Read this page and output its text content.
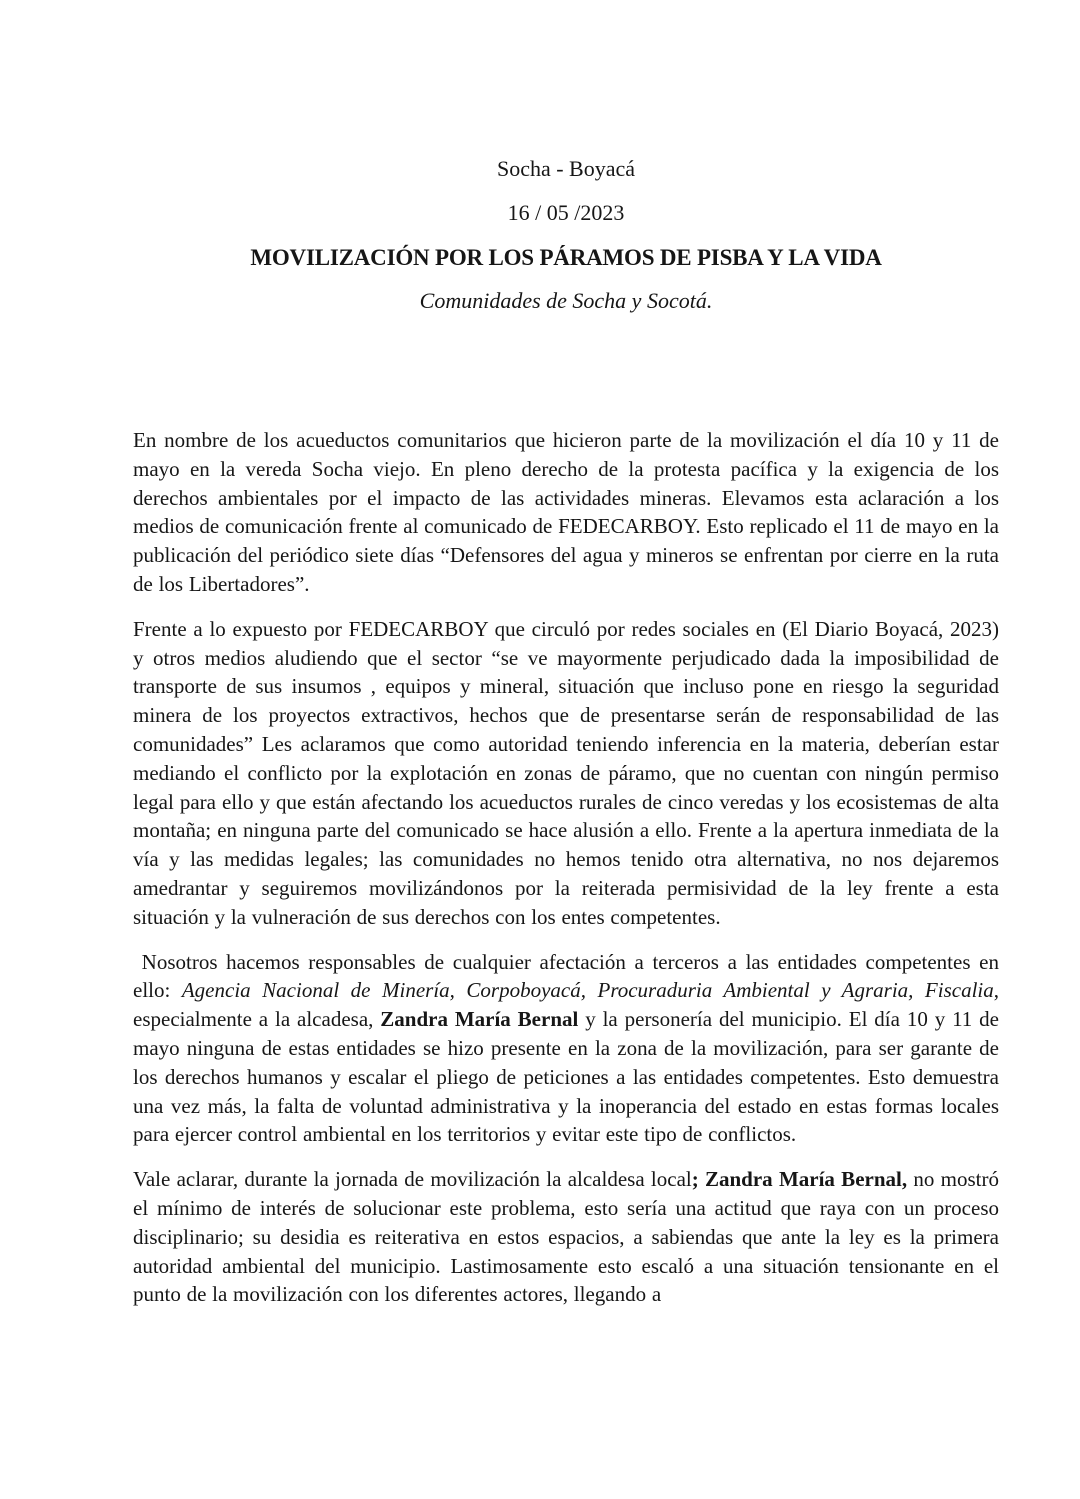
Socha - Boyacá
16 / 05 /2023
MOVILIZACIÓN POR LOS PÁRAMOS DE PISBA Y LA VIDA
Comunidades de Socha y Socotá.

En nombre de los acueductos comunitarios que hicieron parte de la movilización el día 10 y 11 de mayo en la vereda Socha viejo. En pleno derecho de la protesta pacífica y la exigencia de los derechos ambientales por el impacto de las actividades mineras. Elevamos esta aclaración a los medios de comunicación frente al comunicado de FEDECARBOY. Esto replicado el 11 de mayo en la publicación del periódico siete días “Defensores del agua y mineros se enfrentan por cierre en la ruta de los Libertadores”.

Frente a lo expuesto por FEDECARBOY que circuló por redes sociales en (El Diario Boyacá, 2023) y otros medios aludiendo que el sector “se ve mayormente perjudicado dada la imposibilidad de transporte de sus insumos , equipos y mineral, situación que incluso pone en riesgo la seguridad minera de los proyectos extractivos, hechos que de presentarse serán de responsabilidad de las comunidades” Les aclaramos que como autoridad teniendo inferencia en la materia, deberían estar mediando el conflicto por la explotación en zonas de páramo, que no cuentan con ningún permiso legal para ello y que están afectando los acueductos rurales de cinco veredas y los ecosistemas de alta montaña; en ninguna parte del comunicado se hace alusión a ello. Frente a la apertura inmediata de la vía y las medidas legales; las comunidades no hemos tenido otra alternativa, no nos dejaremos amedrantar y seguiremos movilizándonos por la reiterada permisividad de la ley frente a esta situación y la vulneración de sus derechos con los entes competentes.

Nosotros hacemos responsables de cualquier afectación a terceros a las entidades competentes en ello: Agencia Nacional de Minería, Corpoboyacá, Procuraduria Ambiental y Agraria, Fiscalia, especialmente a la alcadesa, Zandra María Bernal y la personería del municipio. El día 10 y 11 de mayo ninguna de estas entidades se hizo presente en la zona de la movilización, para ser garante de los derechos humanos y escalar el pliego de peticiones a las entidades competentes. Esto demuestra una vez más, la falta de voluntad administrativa y la inoperancia del estado en estas formas locales para ejercer control ambiental en los territorios y evitar este tipo de conflictos.

Vale aclarar, durante la jornada de movilización la alcaldesa local; Zandra María Bernal, no mostró el mínimo de interés de solucionar este problema, esto sería una actitud que raya con un proceso disciplinario; su desidia es reiterativa en estos espacios, a sabiendas que ante la ley es la primera autoridad ambiental del municipio. Lastimosamente esto escaló a una situación tensionante en el punto de la movilización con los diferentes actores, llegando a
